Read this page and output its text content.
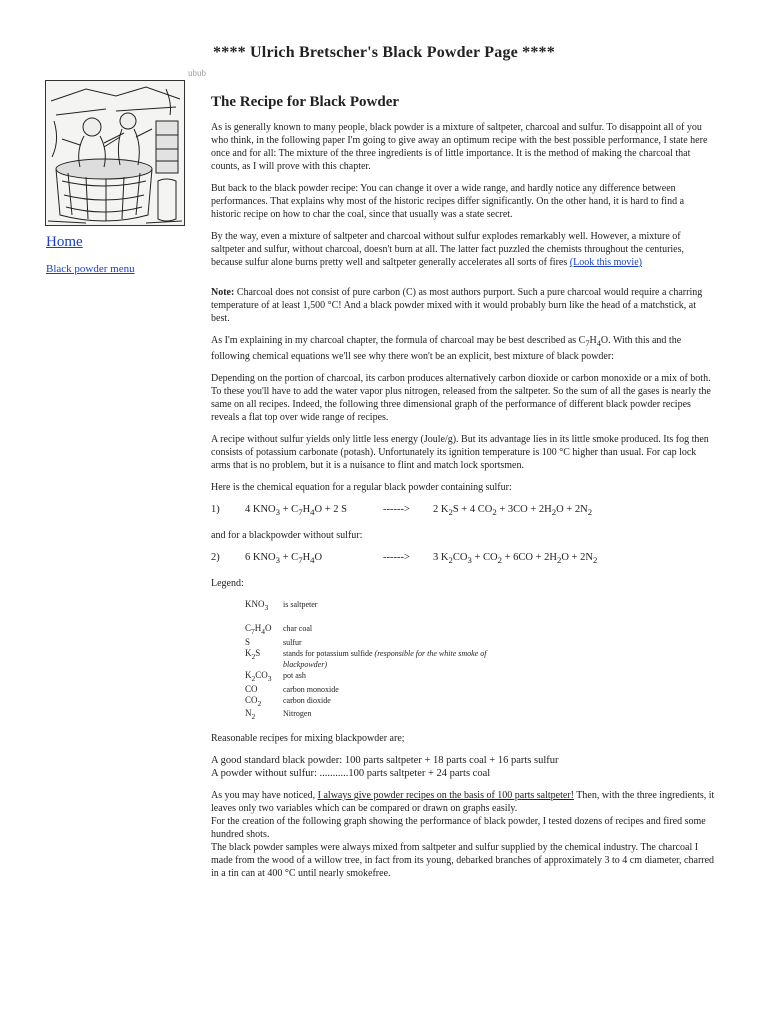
**** Ulrich Bretscher's Black Powder Page ****
ubub
Home
Black powder menu
The Recipe for Black Powder

As is generally known to many people, black powder is a mixture of saltpeter, charcoal and sulfur. To disappoint all of you who think, in the following paper I'm going to give away an optimum recipe with the best possible performance, I state here once and for all: The mixture of the three ingredients is of little importance. It is the method of making the charcoal that counts, as I will prove with this chapter.

But back to the black powder recipe: You can change it over a wide range, and hardly notice any difference between performances. That explains why most of the historic recipes differ significantly. On the other hand, it is hard to find a historic recipe on how to char the coal, since that usually was a state secret.

By the way, even a mixture of saltpeter and charcoal without sulfur explodes remarkably well. However, a mixture of saltpeter and sulfur, without charcoal, doesn't burn at all. The latter fact puzzled the chemists throughout the centuries, because sulfur alone burns pretty well and saltpeter generally accelerates all sorts of fires (Look this movie)

Note: Charcoal does not consist of pure carbon (C) as most authors purport. Such a pure charcoal would require a charring temperature of at least 1,500 °C! And a black powder mixed with it would probably burn like the head of a matchstick, at best.

As I'm explaining in my charcoal chapter, the formula of charcoal may be best described as $C_7H_4O$. With this and the following chemical equations we'll see why there won't be an explicit, best mixture of black powder:

Depending on the portion of charcoal, its carbon produces alternatively carbon dioxide or carbon monoxide or a mix of both. To these you'll have to add the water vapor plus nitrogen, released from the saltpeter. So the sum of all the gases is nearly the same on all recipes. Indeed, the following three dimensional graph of the performance of different black powder recipes reveals a flat top over wide range of recipes.

A recipe without sulfur yields only little less energy (Joule/g). But its advantage lies in its little smoke produced. Its fog then consists of potassium carbonate (potash). Unfortunately its ignition temperature is 100 °C higher than usual. For cap lock arms that is no problem, but it is a nuisance to flint and match lock sportsmen.

Here is the chemical equation for a regular black powder containing sulfur:

1)	4 $KNO_3 + C_7H_4O + 2$ S	------>	2 $K_2S + 4$ $CO_2 + 3CO + 2H_2O + 2N_2$

and for a blackpowder without sulfur:

2)	6 $KNO_3 + C_7H_4O$	------>	3 $K_2CO_3 + CO_2 + 6CO + 2H_2O + 2N_2$

Legend:

$KNO_3$	is saltpeter
$C_7H_4O$	char coal
S	sulfur
$K_2S$	stands for potassium sulfide (responsible for the white smoke of blackpowder)
$K_2CO_3$	pot ash
CO	carbon monoxide
$CO_2$	carbon dioxide
$N_2$	Nitrogen

Reasonable recipes for mixing blackpowder are;

A good standard black powder: 100 parts saltpeter + 18 parts coal + 16 parts sulfur
A powder without sulfur: ...........100 parts saltpeter + 24 parts coal

As you may have noticed, I always give powder recipes on the basis of 100 parts saltpeter! Then, with the three ingredients, it leaves only two variables which can be compared or drawn on graphs easily.
For the creation of the following graph showing the performance of black powder, I tested dozens of recipes and fired some hundred shots.
The black powder samples were always mixed from saltpeter and sulfur supplied by the chemical industry. The charcoal I made from the wood of a willow tree, in fact from its young, debarked branches of approximately 3 to 4 cm diameter, charred in a tin can at 400 °C until nearly smokefree.
